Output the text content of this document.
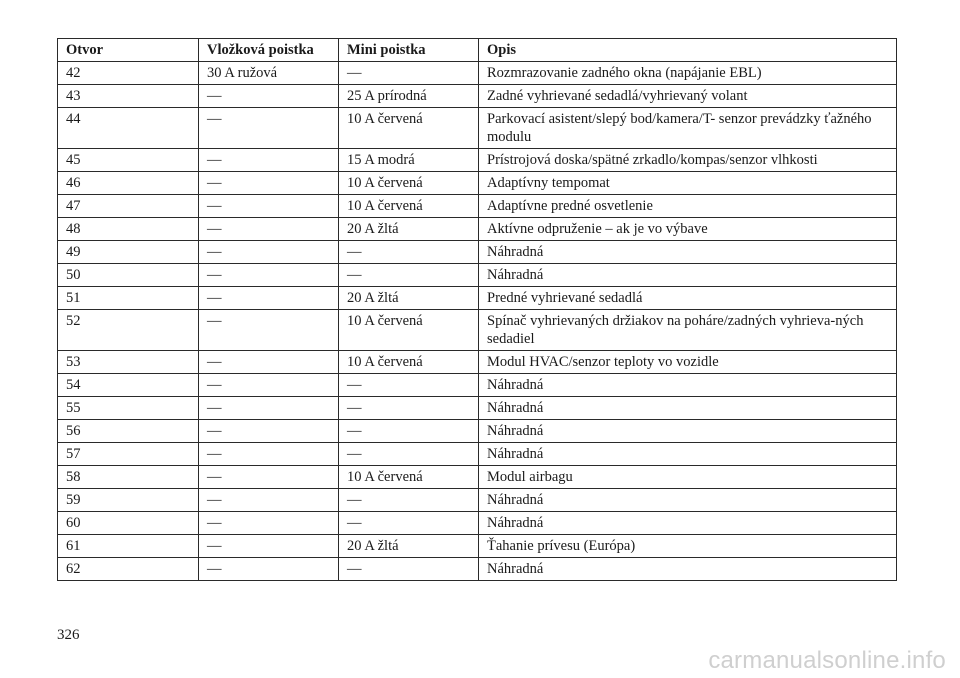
Otvor	Vložková poistka	Mini poistka	Opis
42	30 A ružová	—	Rozmrazovanie zadného okna (napájanie EBL)
43	—	25 A prírodná	Zadné vyhrievané sedadlá/vyhrievaný volant
44	—	10 A červená	Parkovací asistent/slepý bod/kamera/T- senzor prevádzky ťažného modulu
45	—	15 A modrá	Prístrojová doska/spätné zrkadlo/kompas/senzor vlhkosti
46	—	10 A červená	Adaptívny tempomat
47	—	10 A červená	Adaptívne predné osvetlenie
48	—	20 A žltá	Aktívne odpruženie – ak je vo výbave
49	—	—	Náhradná
50	—	—	Náhradná
51	—	20 A žltá	Predné vyhrievané sedadlá
52	—	10 A červená	Spínač vyhrievaných držiakov na poháre/zadných vyhrieva-ných sedadiel
53	—	10 A červená	Modul HVAC/senzor teploty vo vozidle
54	—	—	Náhradná
55	—	—	Náhradná
56	—	—	Náhradná
57	—	—	Náhradná
58	—	10 A červená	Modul airbagu
59	—	—	Náhradná
60	—	—	Náhradná
61	—	20 A žltá	Ťahanie prívesu (Európa)
62	—	—	Náhradná
326
carmanualsonline.info
